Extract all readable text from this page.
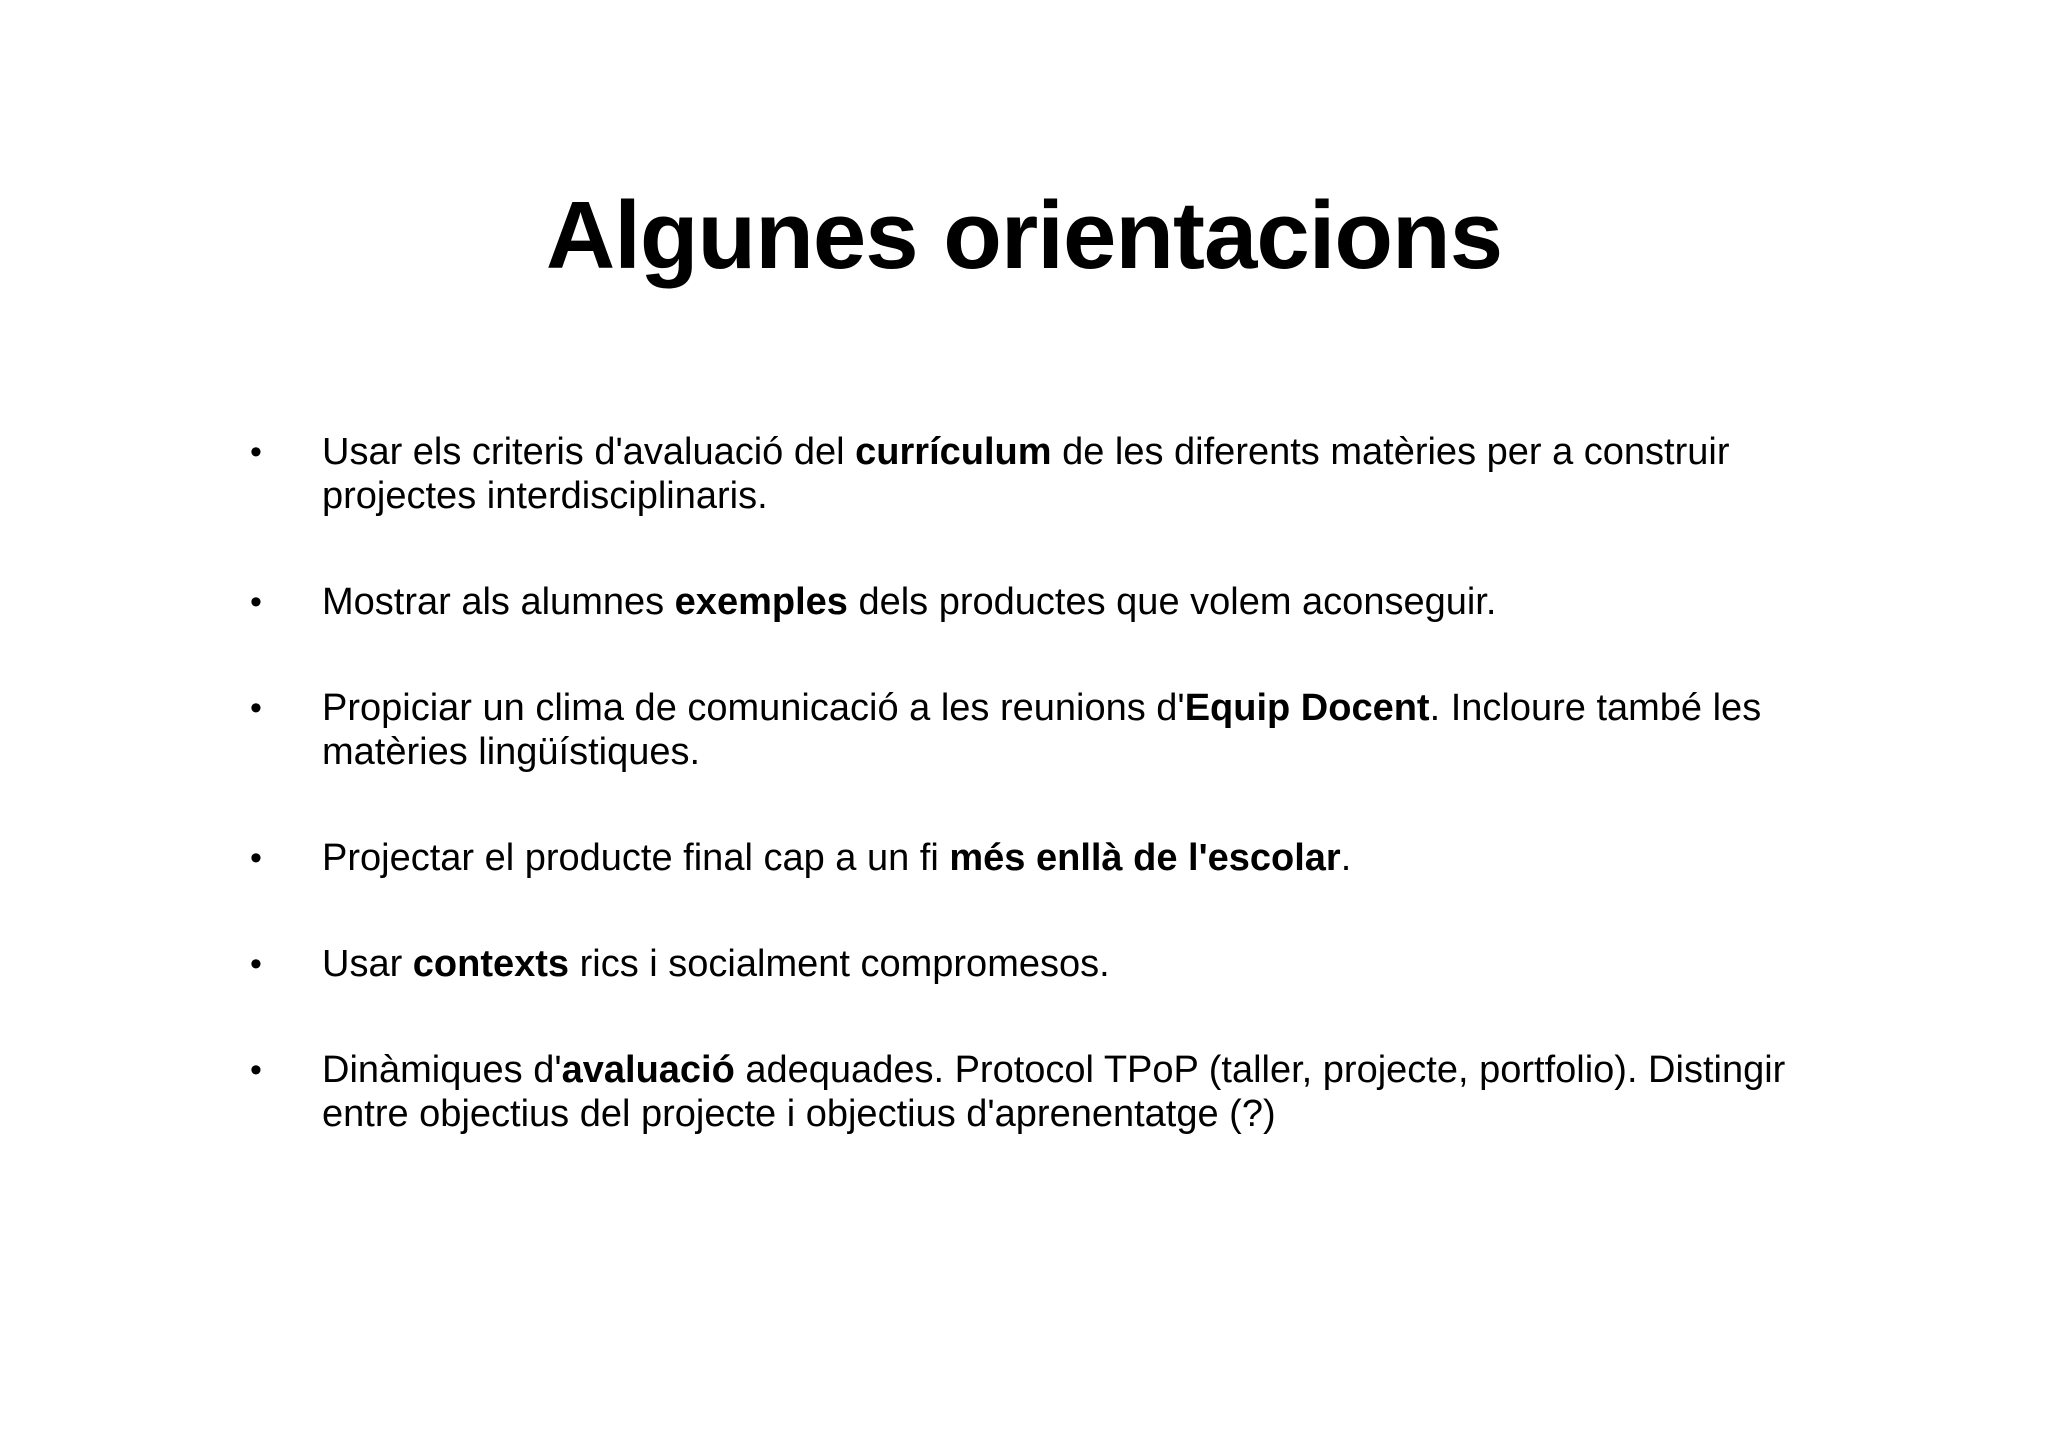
Algunes orientacions
• Usar els criteris d'avaluació del currículum de les diferents matèries per a construir projectes interdisciplinaris.
• Mostrar als alumnes exemples dels productes que volem aconseguir.
• Propiciar un clima de comunicació a les reunions d'Equip Docent. Incloure també les matèries lingüístiques.
• Projectar el producte final cap a un fi més enllà de l'escolar.
• Usar contexts rics i socialment compromesos.
• Dinàmiques d'avaluació adequades. Protocol TPoP (taller, projecte, portfolio). Distingir entre objectius del projecte i objectius d'aprenentatge (?)
